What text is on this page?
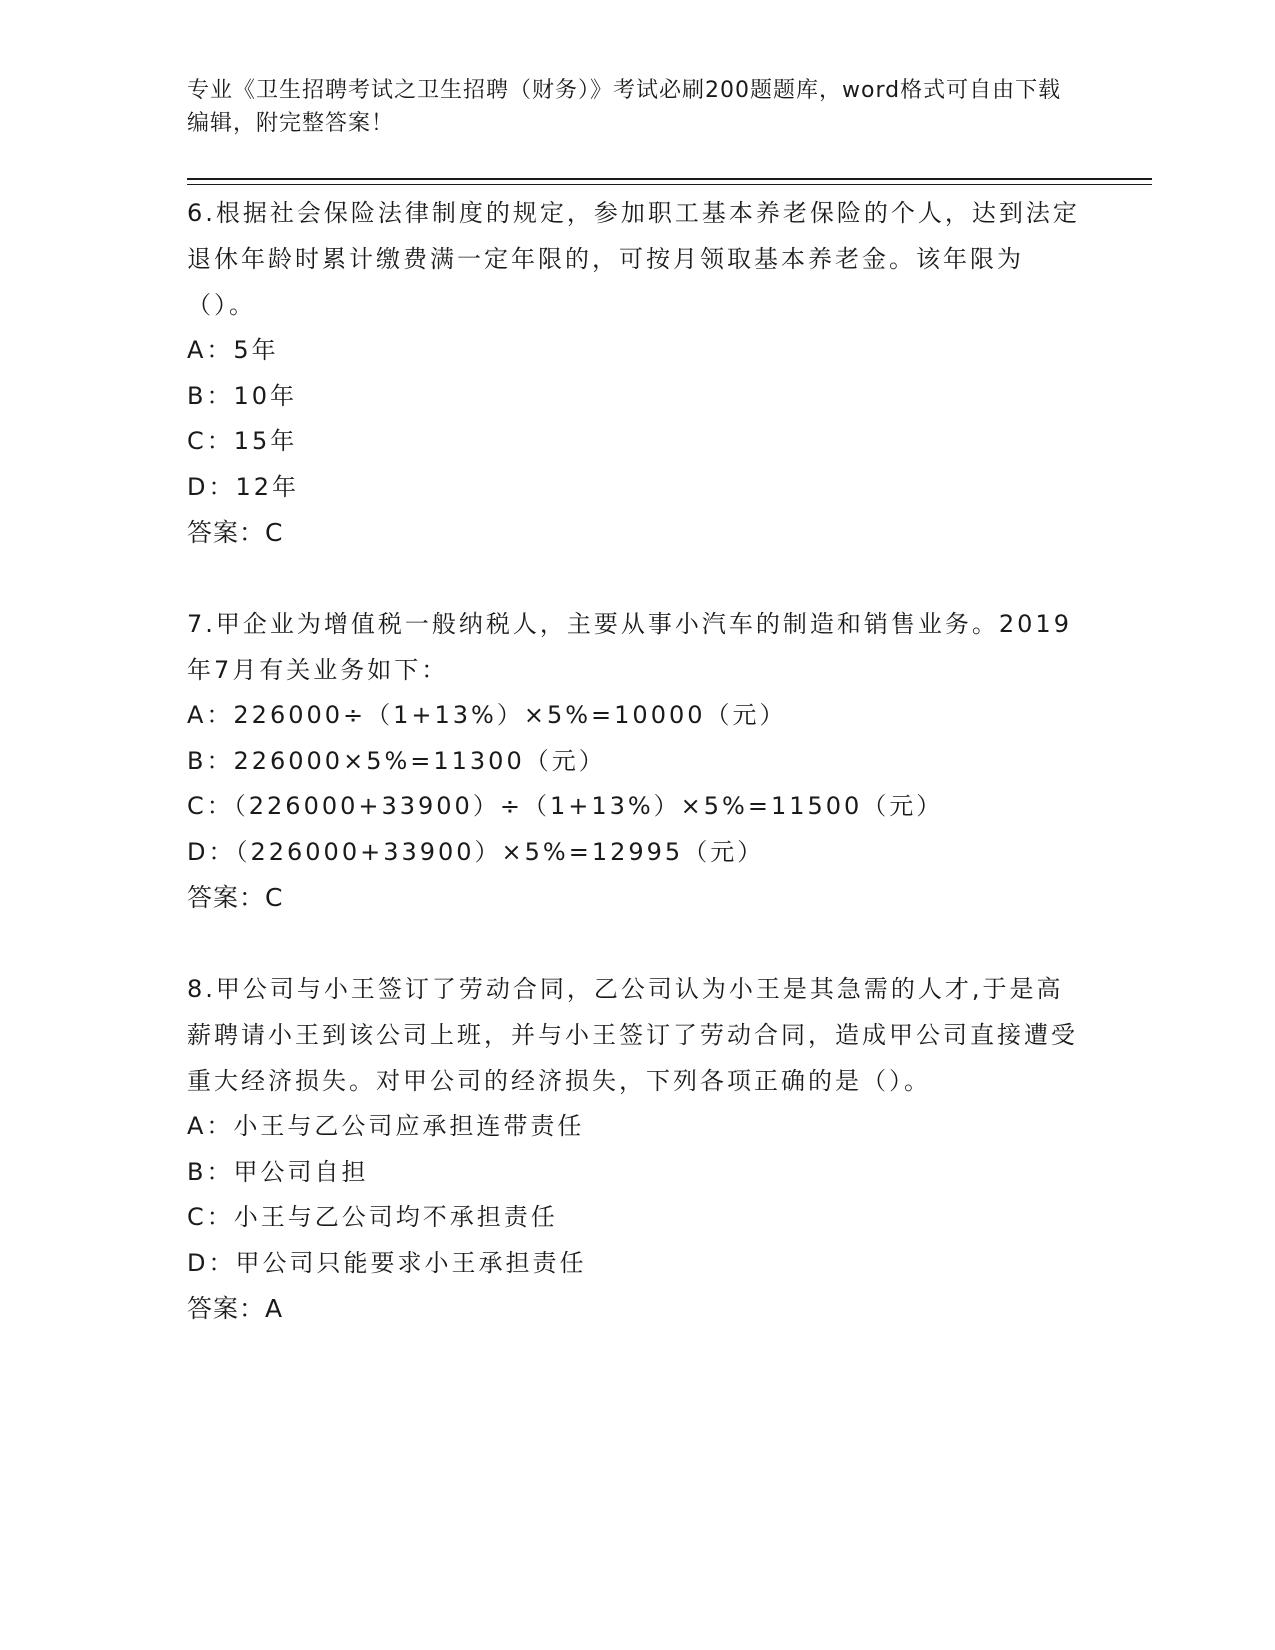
专业《卫生招聘考试之卫生招聘（财务）》考试必刷200题题库，word格式可自由下载编辑，附完整答案！

6.根据社会保险法律制度的规定，参加职工基本养老保险的个人，达到法定退休年龄时累计缴费满一定年限的，可按月领取基本养老金。该年限为（）。

A：5年

B：10年

C：15年

D：12年

答案：C

7.甲企业为增值税一般纳税人，主要从事小汽车的制造和销售业务。2019年7月有关业务如下：

A：226000÷（1+13%）×5%=10000（元）

B：226000×5%=11300（元）

C：（226000+33900）÷（1+13%）×5%=11500（元）

D：（226000+33900）×5%=12995（元）

答案：C

8.甲公司与小王签订了劳动合同，乙公司认为小王是其急需的人才,于是高薪聘请小王到该公司上班，并与小王签订了劳动合同，造成甲公司直接遭受重大经济损失。对甲公司的经济损失，下列各项正确的是（）。

A：小王与乙公司应承担连带责任

B：甲公司自担

C：小王与乙公司均不承担责任

D：甲公司只能要求小王承担责任

答案：A
